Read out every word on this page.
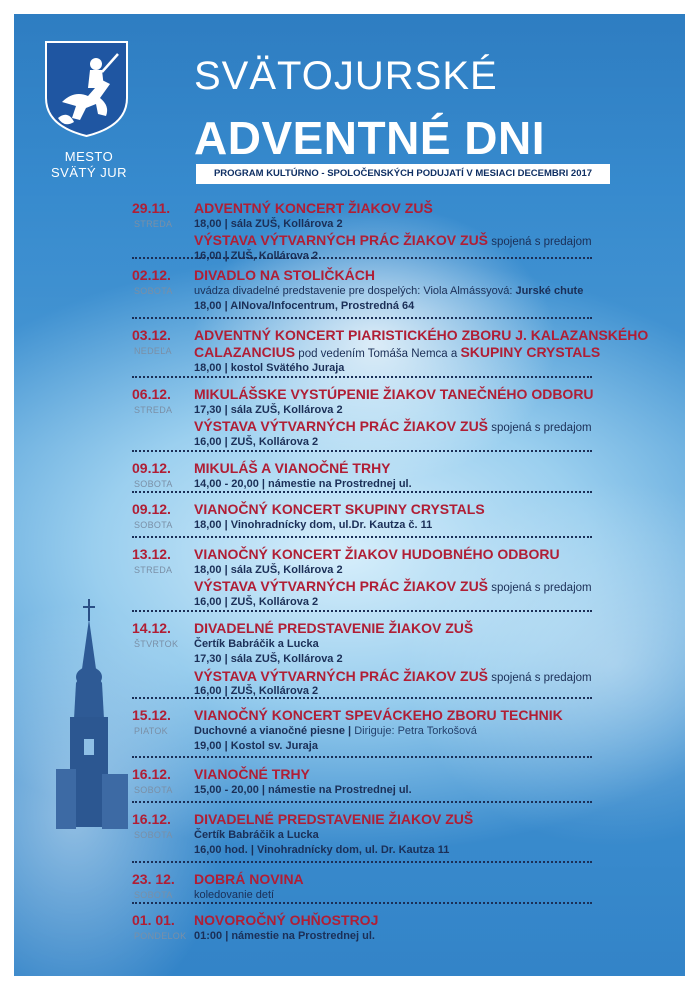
MESTO
SVÄTÝ JUR
SVÄTOJURSKÉ
ADVENTNÉ DNI
PROGRAM KULTÚRNO - SPOLOČENSKÝCH PODUJATÍ V MESIACI DECEMBRI 2017
29.11.
STREDA
ADVENTNÝ KONCERT ŽIAKOV ZUŠ
18,00 | sála ZUŠ, Kollárova 2
VÝSTAVA VÝTVARNÝCH PRÁC ŽIAKOV ZUŠ spojená s predajom
16,00 | ZUŠ, Kollárova 2
02.12.
SOBOTA
DIVADLO NA STOLIČKÁCH
uvádza divadelné predstavenie pre dospelých: Viola Almássyová: Jurské chute
18,00 | AINova/Infocentrum, Prostredná 64
03.12.
NEDEĽA
ADVENTNÝ KONCERT PIARISTICKÉHO ZBORU J. KALAZANSKÉHO
CALAZANCIUS pod vedením Tomáša Nemca a SKUPINY CRYSTALS
18,00 | kostol Svätého Juraja
06.12.
STREDA
MIKULÁŠSKE VYSTÚPENIE ŽIAKOV TANEČNÉHO ODBORU
17,30 | sála ZUŠ, Kollárova 2
VÝSTAVA VÝTVARNÝCH PRÁC ŽIAKOV ZUŠ spojená s predajom
16,00 | ZUŠ, Kollárova 2
09.12.
SOBOTA
MIKULÁŠ A VIANOČNÉ TRHY
14,00 - 20,00 | námestie na Prostrednej ul.
09.12.
SOBOTA
VIANOČNÝ KONCERT SKUPINY CRYSTALS
18,00 | Vinohradnícky dom, ul.Dr. Kautza č. 11
13.12.
STREDA
VIANOČNÝ KONCERT ŽIAKOV HUDOBNÉHO ODBORU
18,00 | sála ZUŠ, Kollárova 2
VÝSTAVA VÝTVARNÝCH PRÁC ŽIAKOV ZUŠ spojená s predajom
16,00 | ZUŠ, Kollárova 2
14.12.
ŠTVRTOK
DIVADELNÉ PREDSTAVENIE ŽIAKOV ZUŠ
Čertík Babráčik a Lucka
17,30 | sála ZUŠ, Kollárova 2
VÝSTAVA VÝTVARNÝCH PRÁC ŽIAKOV ZUŠ spojená s predajom
16,00 | ZUŠ, Kollárova 2
15.12.
PIATOK
VIANOČNÝ KONCERT SPEVÁCKEHO ZBORU TECHNIK
Duchovné a vianočné piesne | Diriguje: Petra Torkošová
19,00 | Kostol sv. Juraja
16.12.
SOBOTA
VIANOČNÉ TRHY
15,00 - 20,00 | námestie na Prostrednej ul.
16.12.
SOBOTA
DIVADELNÉ PREDSTAVENIE ŽIAKOV ZUŠ
Čertík Babráčik a Lucka
16,00 hod. | Vinohradnícky dom, ul. Dr. Kautza 11
23. 12.
SOBOTA
DOBRÁ NOVINA
koledovanie detí
01. 01.
PONDELOK
NOVOROČNÝ OHŇOSTROJ
01:00 | námestie na Prostrednej ul.
